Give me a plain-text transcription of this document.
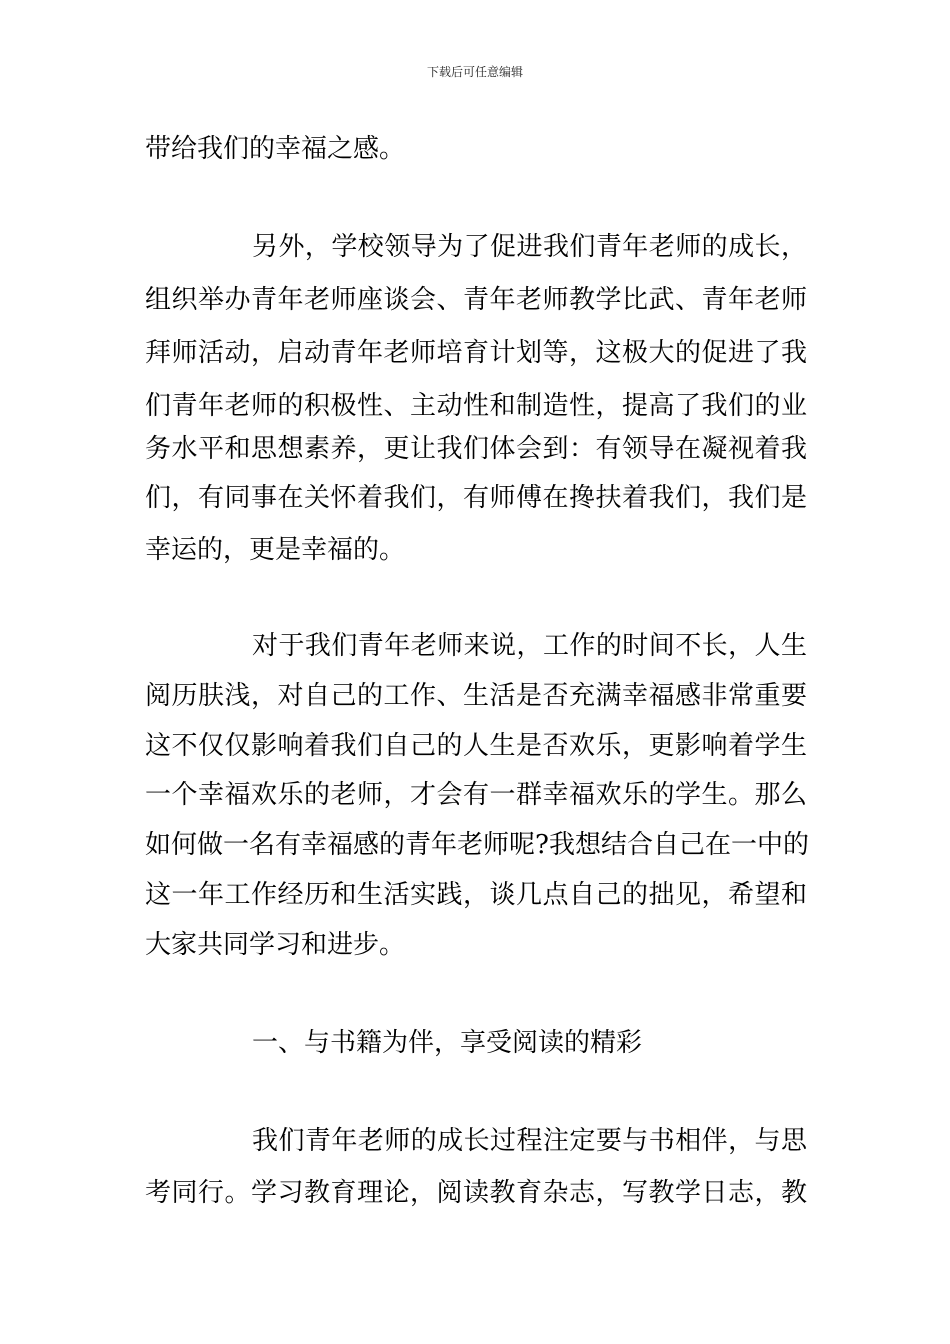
下载后可任意编辑
带给我们的幸福之感。
另外，学校领导为了促进我们青年老师的成长，
组织举办青年老师座谈会、青年老师教学比武、青年老师
拜师活动，启动青年老师培育计划等，这极大的促进了我
们青年老师的积极性、主动性和制造性，提高了我们的业
务水平和思想素养，更让我们体会到：有领导在凝视着我
们，有同事在关怀着我们，有师傅在搀扶着我们，我们是
幸运的，更是幸福的。
对于我们青年老师来说，工作的时间不长，人生
阅历肤浅，对自己的工作、生活是否充满幸福感非常重要
这不仅仅影响着我们自己的人生是否欢乐，更影响着学生
一个幸福欢乐的老师，才会有一群幸福欢乐的学生。那么
如何做一名有幸福感的青年老师呢?我想结合自己在一中的
这一年工作经历和生活实践，谈几点自己的拙见，希望和
大家共同学习和进步。
一、与书籍为伴，享受阅读的精彩
我们青年老师的成长过程注定要与书相伴，与思
考同行。学习教育理论，阅读教育杂志，写教学日志，教
